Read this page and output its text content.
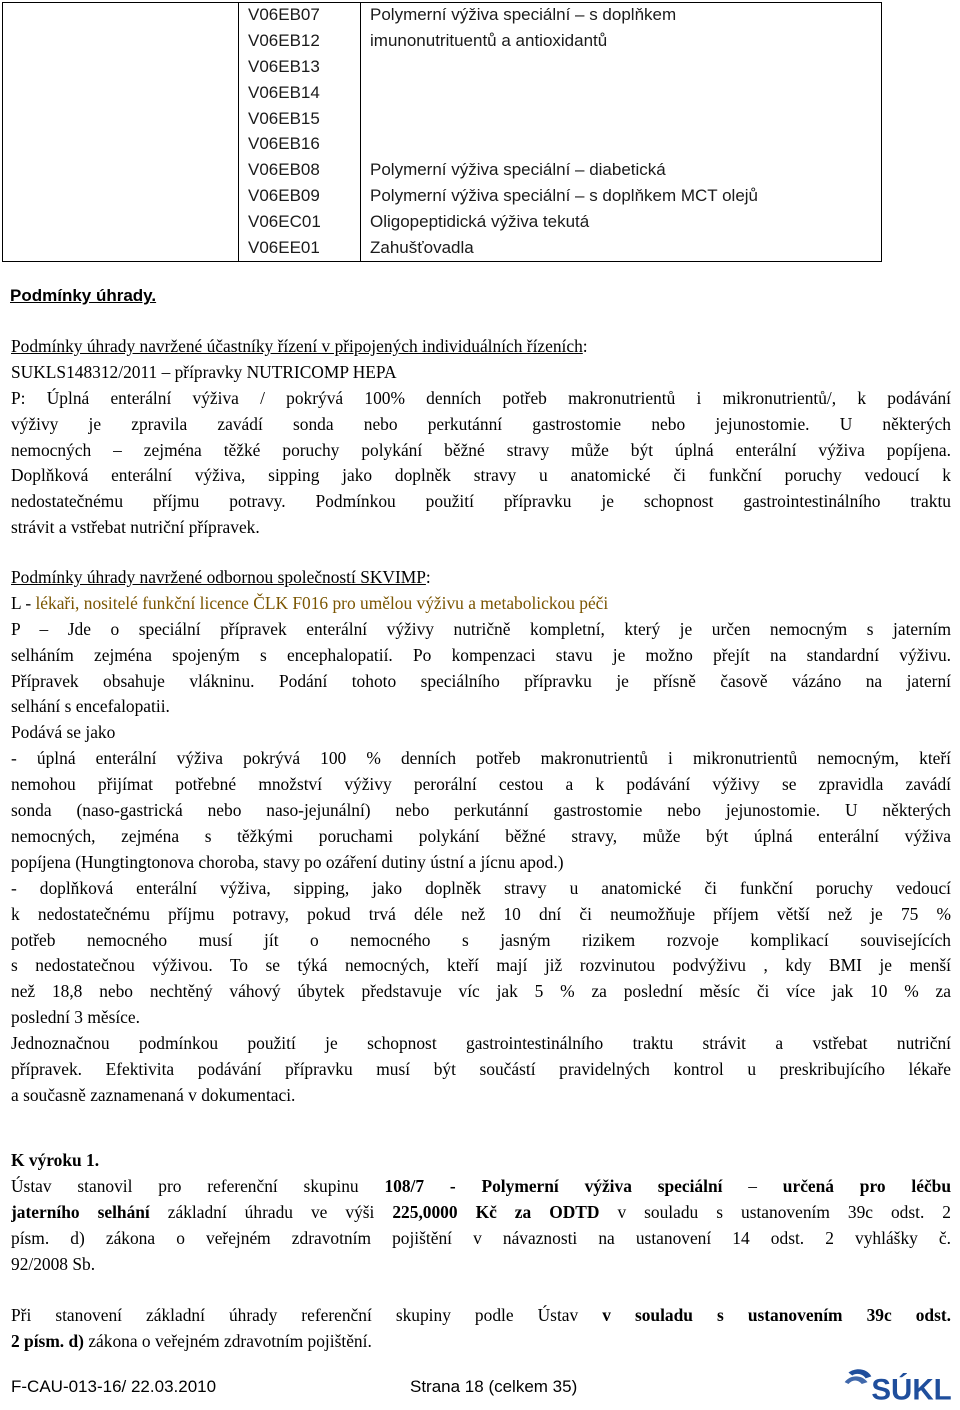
Podmínky úhrady.
V06EB07
V06EB12
V06EB13
V06EB14
V06EB15
V06EB16
V06EB08
V06EB09
V06EC01
V06EE01
Polymerní výživa speciální – s doplňkem
imunonutrituentů a antioxidantů
Polymerní výživa speciální – diabetická
Polymerní výživa speciální – s doplňkem MCT olejů
Oligopeptidická výživa tekutá
Zahušťovadla
Podmínky úhrady navržené účastníky řízení v připojených individuálních řízeních:
SUKLS148312/2011 – přípravky NUTRICOMP HEPA
P: Úplná enterální výživa / pokrývá 100% denních potřeb makronutrientů i mikronutrientů/, k podávání
výživy je zpravila zavádí sonda nebo perkutánní gastrostomie nebo jejunostomie. U některých
nemocných – zejména těžké poruchy polykání běžné stravy může být úplná enterální výživa popíjena.
Doplňková enterální výživa, sipping jako doplněk stravy u anatomické či funkční poruchy vedoucí k
nedostatečnému příjmu potravy. Podmínkou použití přípravku je schopnost gastrointestinálního traktu
strávit a vstřebat nutriční přípravek.
Podmínky úhrady navržené odbornou společností SKVIMP:
L - lékaři, nositelé funkční licence ČLK F016 pro umělou výživu a metabolickou péči
P – Jde o speciální přípravek enterální výživy nutričně kompletní, který je určen nemocným s jaterním
selháním zejména spojeným s encephalopatií. Po kompenzaci stavu je možno přejít na standardní výživu.
Přípravek obsahuje vlákninu. Podání tohoto speciálního přípravku je přísně časově vázáno na jaterní
selhání s encefalopatii.
Podává se jako
- úplná enterální výživa pokrývá 100 % denních potřeb makronutrientů i mikronutrientů nemocným, kteří
nemohou přijímat potřebné množství výživy perorální cestou a k podávání výživy se zpravidla zavádí
sonda (naso-gastrická nebo naso-jejunální) nebo perkutánní gastrostomie nebo jejunostomie. U některých
nemocných, zejména s těžkými poruchami polykání běžné stravy, může být úplná enterální výživa
popíjena (Hungtingtonova choroba, stavy po ozáření dutiny ústní a jícnu apod.)
- doplňková enterální výživa, sipping, jako doplněk stravy u anatomické či funkční poruchy vedoucí
k nedostatečnému příjmu potravy, pokud trvá déle než 10 dní či neumožňuje příjem větší než je 75 %
potřeb nemocného musí jít o nemocného s jasným rizikem rozvoje komplikací souvisejících
s nedostatečnou výživou. To se týká nemocných, kteří mají již rozvinutou podvýživu , kdy BMI je menší
než 18,8 nebo nechtěný váhový úbytek představuje víc jak 5 % za poslední měsíc či více jak 10 % za
poslední 3 měsíce.
Jednoznačnou podmínkou použití je schopnost gastrointestinálního traktu strávit a vstřebat nutriční
přípravek. Efektivita podávání přípravku musí být součástí pravidelných kontrol u preskribujícího lékaře
a současně zaznamenaná v dokumentaci.
K výroku 1.
Ústav stanovil pro referenční skupinu 108/7 - Polymerní výživa speciální – určená pro léčbu
jaterního selhání základní úhradu ve výši 225,0000 Kč za ODTD v souladu s ustanovením 39c odst. 2
písm. d) zákona o veřejném zdravotním pojištění v návaznosti na ustanovení 14 odst. 2 vyhlášky č.
92/2008 Sb.
Při stanovení základní úhrady referenční skupiny podle Ústav v souladu s ustanovením 39c odst.
2 písm. d) zákona o veřejném zdravotním pojištění.
F-CAU-013-16/ 22.03.2010	Strana 18 (celkem 35)	SÚKL
